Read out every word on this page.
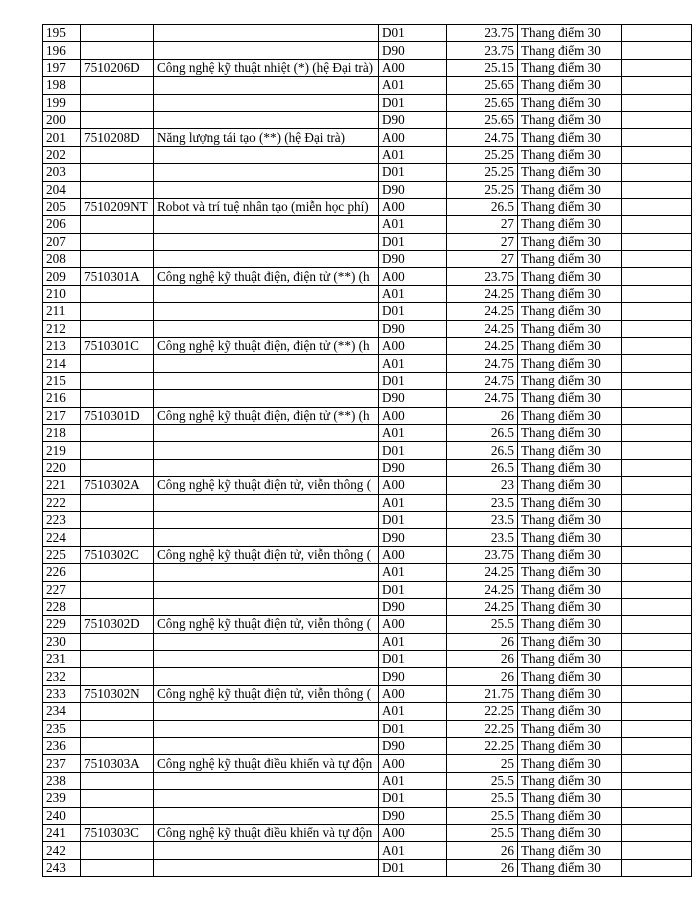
195			D01	23.75	Thang điểm 30	
196			D90	23.75	Thang điểm 30	
197	7510206D	Công nghệ kỹ thuật nhiệt (*) (hệ Đại trà)	A00	25.15	Thang điểm 30	
198			A01	25.65	Thang điểm 30	
199			D01	25.65	Thang điểm 30	
200			D90	25.65	Thang điểm 30	
201	7510208D	Năng lượng tái tạo (**) (hệ Đại trà)	A00	24.75	Thang điểm 30	
202			A01	25.25	Thang điểm 30	
203			D01	25.25	Thang điểm 30	
204			D90	25.25	Thang điểm 30	
205	7510209NT	Robot và trí tuệ nhân tạo (miễn học phí)	A00	26.5	Thang điểm 30	
206			A01	27	Thang điểm 30	
207			D01	27	Thang điểm 30	
208			D90	27	Thang điểm 30	
209	7510301A	Công nghệ kỹ thuật điện, điện tử (**) (h	A00	23.75	Thang điểm 30	
210			A01	24.25	Thang điểm 30	
211			D01	24.25	Thang điểm 30	
212			D90	24.25	Thang điểm 30	
213	7510301C	Công nghệ kỹ thuật điện, điện tử (**) (h	A00	24.25	Thang điểm 30	
214			A01	24.75	Thang điểm 30	
215			D01	24.75	Thang điểm 30	
216			D90	24.75	Thang điểm 30	
217	7510301D	Công nghệ kỹ thuật điện, điện tử (**) (h	A00	26	Thang điểm 30	
218			A01	26.5	Thang điểm 30	
219			D01	26.5	Thang điểm 30	
220			D90	26.5	Thang điểm 30	
221	7510302A	Công nghệ kỹ thuật điện tử, viễn thông (	A00	23	Thang điểm 30	
222			A01	23.5	Thang điểm 30	
223			D01	23.5	Thang điểm 30	
224			D90	23.5	Thang điểm 30	
225	7510302C	Công nghệ kỹ thuật điện tử, viễn thông (	A00	23.75	Thang điểm 30	
226			A01	24.25	Thang điểm 30	
227			D01	24.25	Thang điểm 30	
228			D90	24.25	Thang điểm 30	
229	7510302D	Công nghệ kỹ thuật điện tử, viễn thông (	A00	25.5	Thang điểm 30	
230			A01	26	Thang điểm 30	
231			D01	26	Thang điểm 30	
232			D90	26	Thang điểm 30	
233	7510302N	Công nghệ kỹ thuật điện tử, viễn thông (	A00	21.75	Thang điểm 30	
234			A01	22.25	Thang điểm 30	
235			D01	22.25	Thang điểm 30	
236			D90	22.25	Thang điểm 30	
237	7510303A	Công nghệ kỹ thuật điều khiển và tự độn	A00	25	Thang điểm 30	
238			A01	25.5	Thang điểm 30	
239			D01	25.5	Thang điểm 30	
240			D90	25.5	Thang điểm 30	
241	7510303C	Công nghệ kỹ thuật điều khiển và tự độn	A00	25.5	Thang điểm 30	
242			A01	26	Thang điểm 30	
243			D01	26	Thang điểm 30	
